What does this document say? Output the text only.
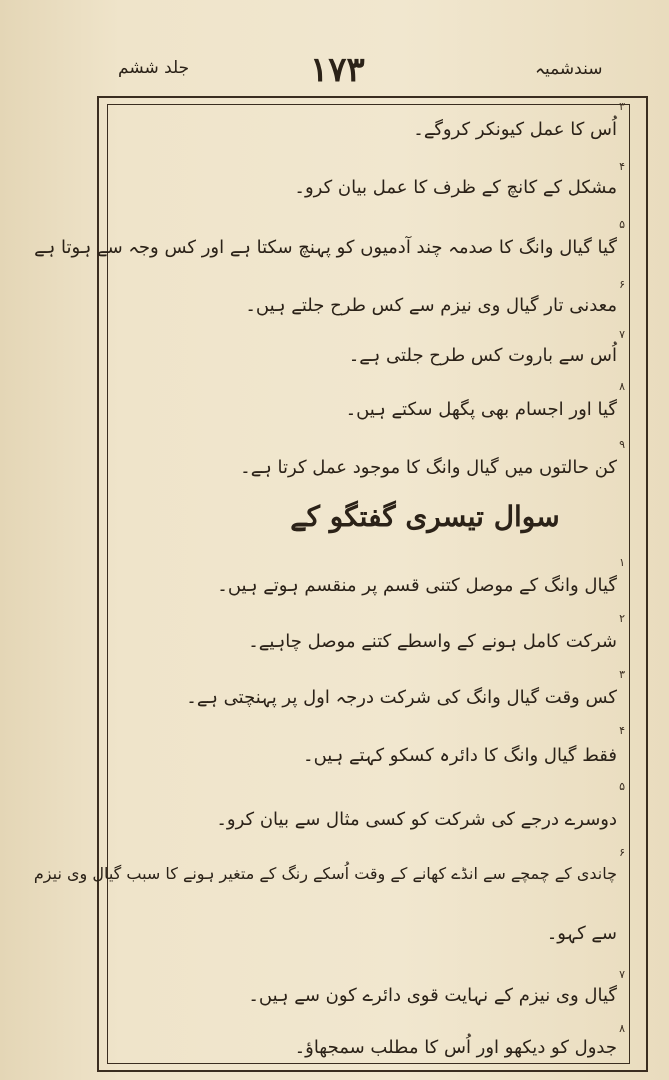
جلد ششم	۱۷۳	سندشمیہ
۳
اُس کا عمل کیونکر کروگے۔
۴
مشکل کے کانچ کے ظرف کا عمل بیان کرو۔
۵
گیا گیال وانگ کا صدمہ چند آدمیوں کو پہنچ سکتا ہے اور کس وجہ سے ہوتا ہے
۶
معدنی تار گیال وی نیزم سے کس طرح جلتے ہیں۔
۷
اُس سے باروت کس طرح جلتی ہے۔
۸
گیا اور اجسام بھی پگھل سکتے ہیں۔
۹
کن حالتوں میں گیال وانگ کا موجود عمل کرتا ہے۔
سوال تیسری گفتگو کے
۱
گیال وانگ کے موصل کتنی قسم پر منقسم ہوتے ہیں۔
۲
شرکت کامل ہونے کے واسطے کتنے موصل چاہیے۔
۳
کس وقت گیال وانگ کی شرکت درجہ اول پر پہنچتی ہے۔
۴
فقط گیال وانگ کا دائرہ کسکو کہتے ہیں۔
۵
دوسرے درجے کی شرکت کو کسی مثال سے بیان کرو۔
۶
چاندی کے چمچے سے انڈے کھانے کے وقت اُسکے رنگ کے متغیر ہونے کا سبب گیال وی نیزم
سے کہو۔
۷
گیال وی نیزم کے نہایت قوی دائرے کون سے ہیں۔
۸
جدول کو دیکھو اور اُس کا مطلب سمجھاؤ۔
